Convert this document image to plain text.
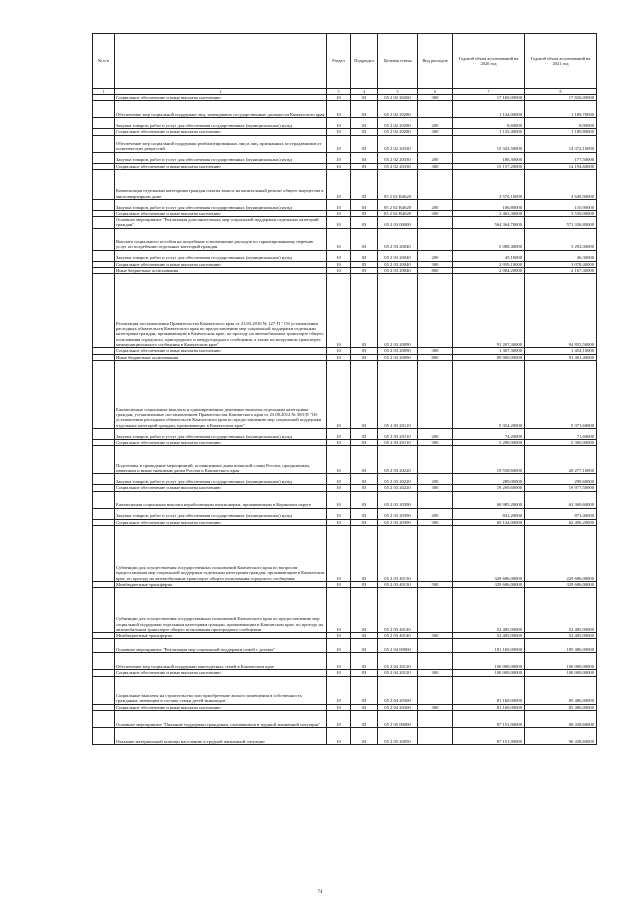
№ п/п		Раздел	Подраздел	Целевая статья	Вид расходов	Годовой объем ассигнований на 2020 год	Годовой объем ассигнований на 2021 год
1	2	3	4	5	6	7	8
	Социальное обеспечение и иные выплаты населению	10	03	05 2 02 20260	300	17 160,00000	17 826,00000
	Обеспечение мер социальной поддержки лиц, замещавших государственные должности Камчатского края	10	03	05 2 02 20280		1 144,00000	1 189,70000
	Закупка товаров, работ и услуг для обеспечения государственных (муниципальных) нужд	10	03	05 2 02 20280	200	8,60000	8,90000
	Социальное обеспечение и иные выплаты населению	10	03	05 2 02 20280	300	1 135,40000	1 180,80000
	Обеспечение мер социальной поддержки реабилитированных лиц и лиц, признанных пострадавшими от политических репрессий	10	03	05 2 02 20330		15 343,50000	14 372,10000
	Закупка товаров, работ и услуг для обеспечения государственных (муниципальных) нужд	10	03	05 2 02 20330	200	186,30000	177,50000
	Социальное обеспечение и иные выплаты населению	10	03	05 2 02 20330	300	15 157,20000	14 194,60000
	Компенсация отдельным категориям граждан оплаты взноса на капитальный ремонт общего имущества в многоквартирном доме	10	03	05 2 02 R4620		3 570,10000	3 649,90000
	Закупка товаров, работ и услуг для обеспечения государственных (муниципальных) нужд	10	03	05 2 02 R4620	200	106,80000	110,90000
	Социальное обеспечение и иные выплаты населению	10	03	05 2 02 R4620	300	3 463,30000	3 539,00000
	Основное мероприятие "Реализация дополнительных мер социальной поддержки отдельных категорий граждан"	10	03	05 2 03 00000		564 364,70000	571 336,80000
	Выплата социального пособия на погребение и возмещение расходов по гарантированному перечню услуг по погребению отдельных категорий граждан	10	03	05 2 03 20040		5 088,40000	5 292,00000
	Закупка товаров, работ и услуг для обеспечения государственных (муниципальных) нужд	10	03	05 2 03 20040	200	45,10000	46,30000
	Социальное обеспечение и иные выплаты населению	10	03	05 2 03 20040	300	2 959,10000	3 078,40000
	Иные бюджетные ассигнования	10	03	05 2 03 20040	800	2 084,20000	2 167,30000
	Реализация постановления Правительства Камчатского края от 23.03.2010 № 127-П " Об установлении расходных обязательств Камчатского края по предоставлению мер социальной поддержки отдельным категориям граждан, проживающим в Камчатском крае, по проезду на автомобильном транспорте общего пользования городского, пригородного и междугородного сообщения, а также на воздушном транспорте межмуниципального сообщения в Камчатском крае"	10	03	05 2 03 20090		91 207,30000	94 855,50000
	Социальное обеспечение и иные выплаты населению	10	03	05 2 03 20090	300	1 307,30000	1 454,10000
	Иные бюджетные ассигнования	10	03	05 2 03 20090	800	89 900,00000	93 401,40000
	Ежемесячные социальные выплаты и единовременные денежные выплаты отдельным категориям граждан, установленные постановлением Правительства Камчатского края от 23.08.2012 № 383-П "Об установлении расходных обязательств Камчатского края по предоставлению мер социальной поддержки отдельных категорий граждан, проживающих в Камчатском крае"	10	03	05 2 03 20110		5 354,20000	5 371,60000
	Закупка товаров, работ и услуг для обеспечения государственных (муниципальных) нужд	10	03	05 2 03 20110	200	74,20000	71,60000
	Социальное обеспечение и иные выплаты населению	10	03	05 2 03 20110	300	5 280,00000	5 300,00000
	Подготовка и проведение мероприятий, посвященных дням воинской славы России, праздничным, памятным и иным значимым датам России и Камчатского края	10	03	05 2 03 20220		19 558,60000	20 277,10000
	Закупка товаров, работ и услуг для обеспечения государственных (муниципальных) нужд	10	03	05 2 03 20220	200	289,00000	299,60000
	Социальное обеспечение и иные выплаты населению	10	03	05 2 03 20220	300	19 269,60000	19 977,50000
	Ежемесячная социальная выплата неработающим пенсионерам, проживающим в Корякском округе	10	03	05 2 03 20390		60 985,20000	63 369,60000
	Закупка товаров, работ и услуг для обеспечения государственных (муниципальных) нужд	10	03	05 2 03 20390	200	841,20000	873,40000
	Социальное обеспечение и иные выплаты населению	10	03	05 2 03 20390	300	60 144,00000	62 496,20000
	Субвенции для осуществления государственных полномочий Камчатского края по вопросам предоставления мер социальной поддержки отдельным категориям граждан, проживающим в Камчатском крае, по проезду на автомобильном транспорте общего пользования городского сообщения	10	03	05 2 03 40130		329 686,00000	229 686,00000
	Межбюджетные трансферты	10	03	05 2 03 40130	500	329 686,00000	329 686,00000
	Субвенции для осуществления государственных полномочий Камчатского края по предоставлению мер социальной поддержки отдельным категориям граждан, проживающим в Камчатском крае, по проезду на автомобильном транспорте общего пользования пригородного сообщения	10	03	05 2 03 40140		52 485,00000	52 485,00000
	Межбюджетные трансферты	10	03	05 2 03 40140	500	52 485,00000	52 485,00000
	Основное мероприятие "Реализация мер социальной поддержки семей с детьми"	10	03	05 2 04 00000		181 160,00000	185 486,00000
	Обеспечение мер социальной поддержки многодетных семей в Камчатском крае	10	03	05 2 04 20120		100 000,00000	100 000,00000
	Социальное обеспечение и иные выплаты населению	10	03	05 2 04 20120	300	100 000,00000	100 000,00000
	Социальные выплаты на строительство или приобретение жилого помещения в собственность гражданам, имеющим в составе семьи детей-инвалидов	10	03	05 2 04 20300		81 160,00000	85 486,00000
	Социальное обеспечение и иные выплаты населению	10	03	05 2 04 20300	300	81 160,00000	85 486,00000
	Основное мероприятие "Оказание поддержки гражданам, оказавшимся в трудной жизненной ситуации"	10	03	05 2 05 00000		87 151,90000	90 438,60000
	Оказание материальной помощи населению в трудной жизненной ситуации	10	03	05 2 05 20050		87 151,90000	90 438,60000
74
